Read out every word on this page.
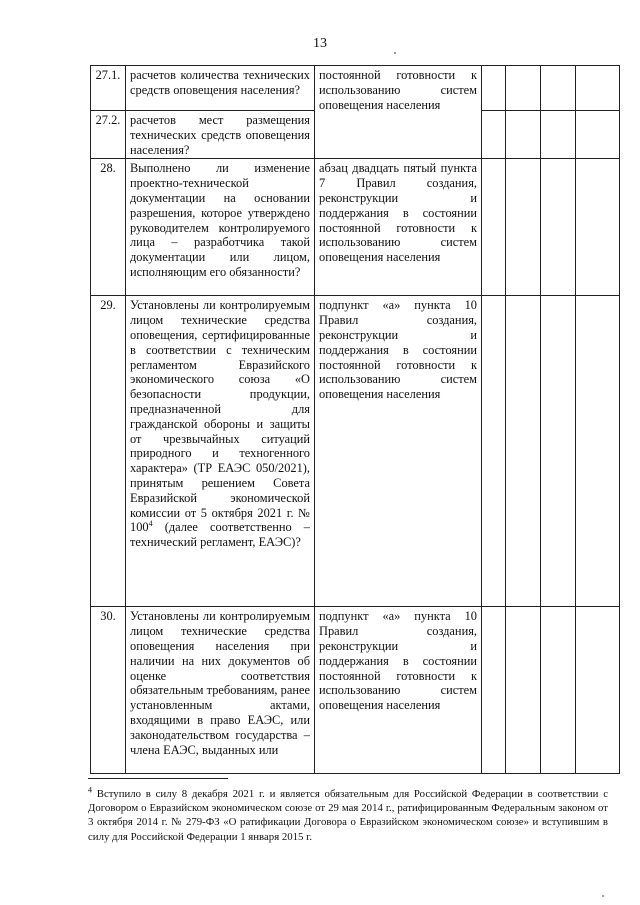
13
27.1.	расчетов количества технических средств оповещения населения?	постоянной готовности к использованию систем оповещения населения				

27.2.	расчетов мест размещения технических средств оповещения населения?					

28.	Выполнено ли изменение проектно-технической документации на основании разрешения, которое утверждено руководителем контролируемого лица – разработчика такой документации или лицом, исполняющим его обязанности?	абзац двадцать пятый пункта 7 Правил создания, реконструкции и поддержания в состоянии постоянной готовности к использованию систем оповещения населения				

29.	Установлены ли контролируемым лицом технические средства оповещения, сертифицированные в соответствии с техническим регламентом Евразийского экономического союза «О безопасности продукции, предназначенной для гражданской обороны и защиты от чрезвычайных ситуаций природного и техногенного характера» (ТР ЕАЭС 050/2021), принятым решением Совета Евразийской экономической комиссии от 5 октября 2021 г. № $100^4$ (далее соответственно – технический регламент, ЕАЭС)?	подпункт «а» пункта 10 Правил создания, реконструкции и поддержания в состоянии постоянной готовности к использованию систем оповещения населения				

30.	Установлены ли контролируемым лицом технические средства оповещения населения при наличии на них документов об оценке соответствия обязательным требованиям, ранее установленным актами, входящими в право ЕАЭС, или законодательством государства – члена ЕАЭС, выданных или	подпункт «а» пункта 10 Правил создания, реконструкции и поддержания в состоянии постоянной готовности к использованию систем оповещения населения				

$^4$ Вступило в силу 8 декабря 2021 г. и является обязательным для Российской Федерации в соответствии с Договором о Евразийском экономическом союзе от 29 мая 2014 г., ратифицированным Федеральным законом от 3 октября 2014 г. № 279-ФЗ «О ратификации Договора о Евразийском экономическом союзе» и вступившим в силу для Российской Федерации 1 января 2015 г.
